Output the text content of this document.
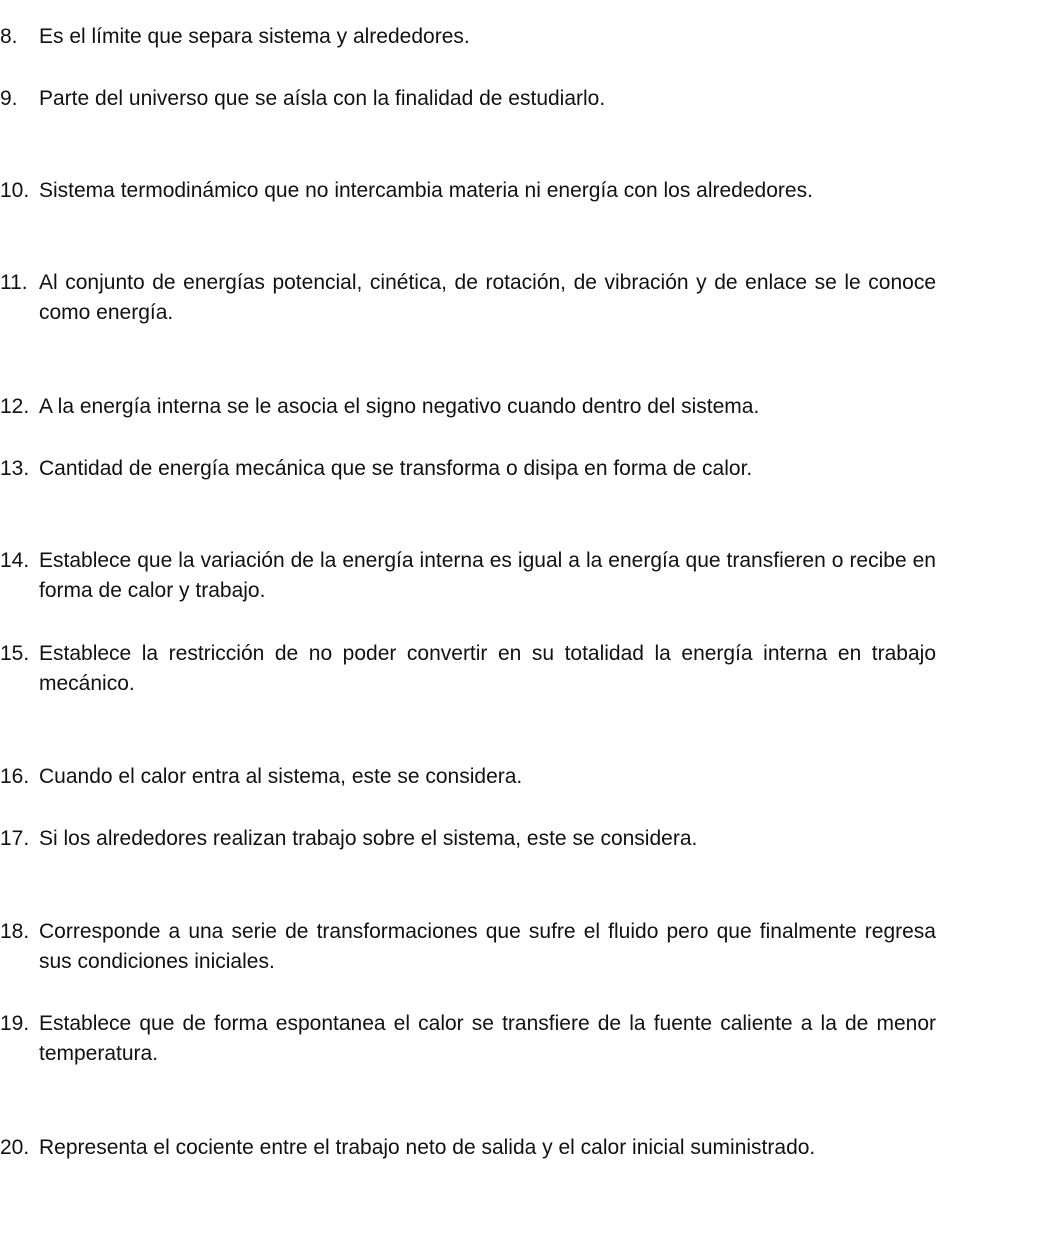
8.	Es el límite que separa sistema y alrededores.
9.	Parte del universo que se aísla con la finalidad de estudiarlo.
10. Sistema termodinámico que no intercambia materia ni energía con los alrededores.
11. Al conjunto de energías potencial, cinética, de rotación, de vibración y de enlace se le conoce como energía.
12. A la energía interna se le asocia el signo negativo cuando dentro del sistema.
13. Cantidad de energía mecánica que se transforma o disipa en forma de calor.
14. Establece que la variación de la energía interna es igual a la energía que transfieren o recibe en forma de calor y trabajo.
15. Establece la restricción de no poder convertir en su totalidad la energía interna en trabajo mecánico.
16. Cuando el calor entra al sistema, este se considera.
17. Si los alrededores realizan trabajo sobre el sistema, este se considera.
18. Corresponde a una serie de transformaciones que sufre el fluido pero que finalmente regresa sus condiciones iniciales.
19. Establece que de forma espontanea el calor se transfiere de la fuente caliente a la de menor temperatura.
20. Representa el cociente entre el trabajo neto de salida y el calor inicial suministrado.
